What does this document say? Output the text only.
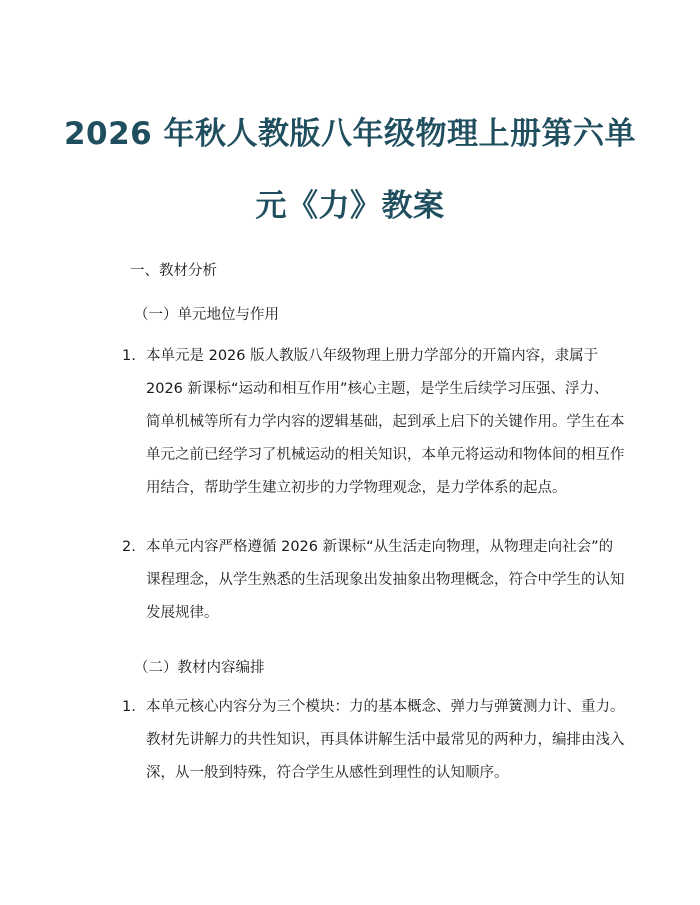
2026 年秋人教版八年级物理上册第六单
元《力》教案
一、教材分析
（一）单元地位与作用
1. 本单元是 2026 版人教版八年级物理上册力学部分的开篇内容，隶属于
2026 新课标“运动和相互作用”核心主题，是学生后续学习压强、浮力、
简单机械等所有力学内容的逻辑基础，起到承上启下的关键作用。学生在本
单元之前已经学习了机械运动的相关知识，本单元将运动和物体间的相互作
用结合，帮助学生建立初步的力学物理观念，是力学体系的起点。
2. 本单元内容严格遵循 2026 新课标“从生活走向物理，从物理走向社会”的
课程理念，从学生熟悉的生活现象出发抽象出物理概念，符合中学生的认知
发展规律。
（二）教材内容编排
1. 本单元核心内容分为三个模块：力的基本概念、弹力与弹簧测力计、重力。
教材先讲解力的共性知识，再具体讲解生活中最常见的两种力，编排由浅入
深，从一般到特殊，符合学生从感性到理性的认知顺序。
